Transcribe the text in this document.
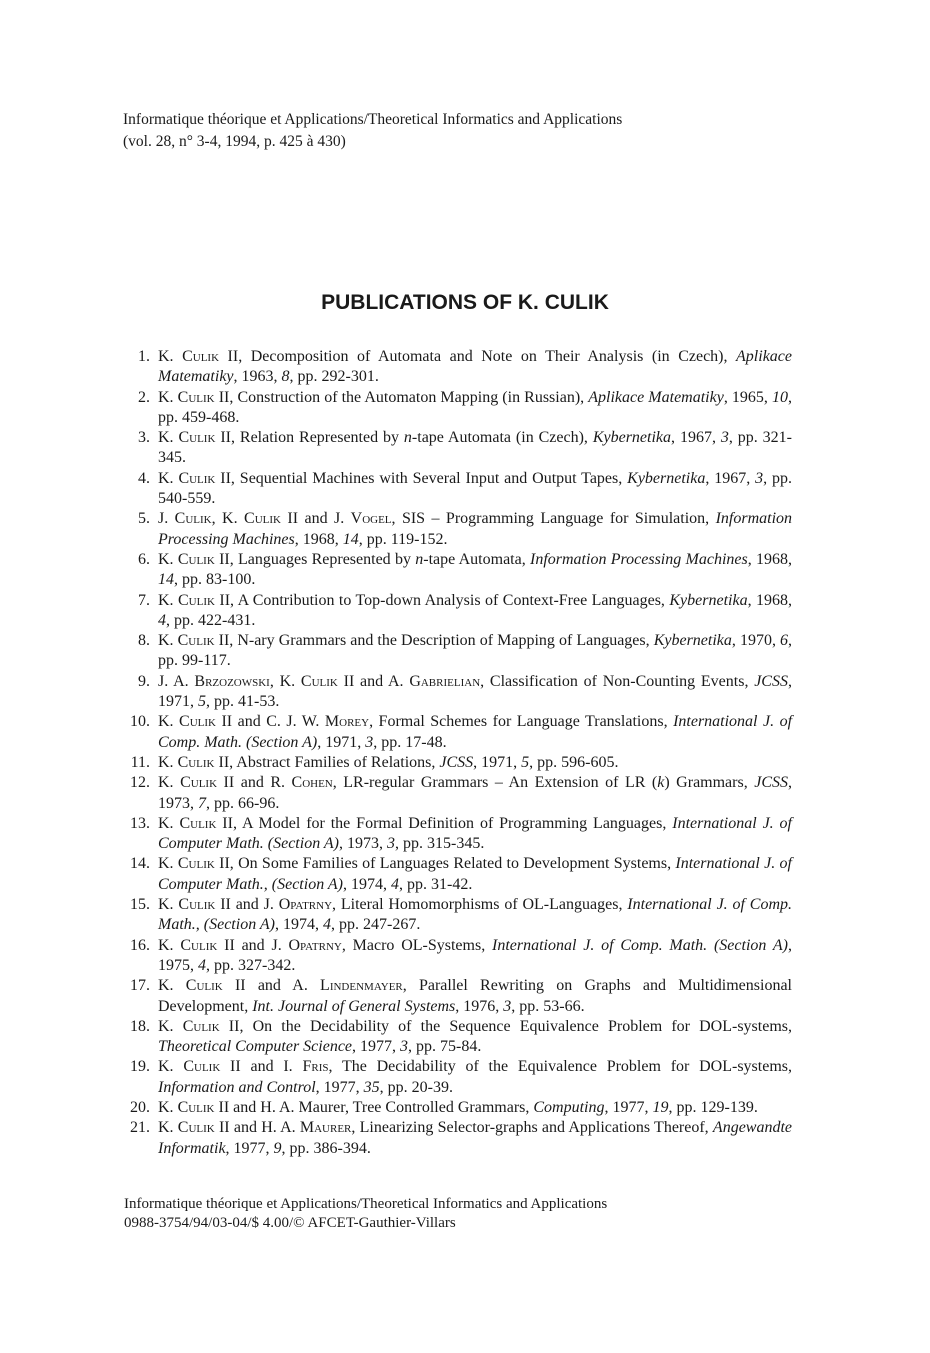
Informatique théorique et Applications/Theoretical Informatics and Applications
(vol. 28, n° 3-4, 1994, p. 425 à 430)
PUBLICATIONS OF K. CULIK
1. K. Culik II, Decomposition of Automata and Note on Their Analysis (in Czech), Aplikace Matematiky, 1963, 8, pp. 292-301.
2. K. Culik II, Construction of the Automaton Mapping (in Russian), Aplikace Matematiky, 1965, 10, pp. 459-468.
3. K. Culik II, Relation Represented by n-tape Automata (in Czech), Kybernetika, 1967, 3, pp. 321-345.
4. K. Culik II, Sequential Machines with Several Input and Output Tapes, Kybernetika, 1967, 3, pp. 540-559.
5. J. Culik, K. Culik II and J. Vogel, SIS – Programming Language for Simulation, Information Processing Machines, 1968, 14, pp. 119-152.
6. K. Culik II, Languages Represented by n-tape Automata, Information Processing Machines, 1968, 14, pp. 83-100.
7. K. Culik II, A Contribution to Top-down Analysis of Context-Free Languages, Kybernetika, 1968, 4, pp. 422-431.
8. K. Culik II, N-ary Grammars and the Description of Mapping of Languages, Kybernetika, 1970, 6, pp. 99-117.
9. J. A. Brzozowski, K. Culik II and A. Gabrielian, Classification of Non-Counting Events, JCSS, 1971, 5, pp. 41-53.
10. K. Culik II and C. J. W. Morey, Formal Schemes for Language Translations, International J. of Comp. Math. (Section A), 1971, 3, pp. 17-48.
11. K. Culik II, Abstract Families of Relations, JCSS, 1971, 5, pp. 596-605.
12. K. Culik II and R. Cohen, LR-regular Grammars – An Extension of LR (k) Grammars, JCSS, 1973, 7, pp. 66-96.
13. K. Culik II, A Model for the Formal Definition of Programming Languages, International J. of Computer Math. (Section A), 1973, 3, pp. 315-345.
14. K. Culik II, On Some Families of Languages Related to Development Systems, International J. of Computer Math., (Section A), 1974, 4, pp. 31-42.
15. K. Culik II and J. Opatrny, Literal Homomorphisms of OL-Languages, International J. of Comp. Math., (Section A), 1974, 4, pp. 247-267.
16. K. Culik II and J. Opatrny, Macro OL-Systems, International J. of Comp. Math. (Section A), 1975, 4, pp. 327-342.
17. K. Culik II and A. Lindenmayer, Parallel Rewriting on Graphs and Multidimensional Development, Int. Journal of General Systems, 1976, 3, pp. 53-66.
18. K. Culik II, On the Decidability of the Sequence Equivalence Problem for DOL-systems, Theoretical Computer Science, 1977, 3, pp. 75-84.
19. K. Culik II and I. Fris, The Decidability of the Equivalence Problem for DOL-systems, Information and Control, 1977, 35, pp. 20-39.
20. K. Culik II and H. A. Maurer, Tree Controlled Grammars, Computing, 1977, 19, pp. 129-139.
21. K. Culik II and H. A. Maurer, Linearizing Selector-graphs and Applications Thereof, Angewandte Informatik, 1977, 9, pp. 386-394.
Informatique théorique et Applications/Theoretical Informatics and Applications
0988-3754/94/03-04/$ 4.00/© AFCET-Gauthier-Villars
